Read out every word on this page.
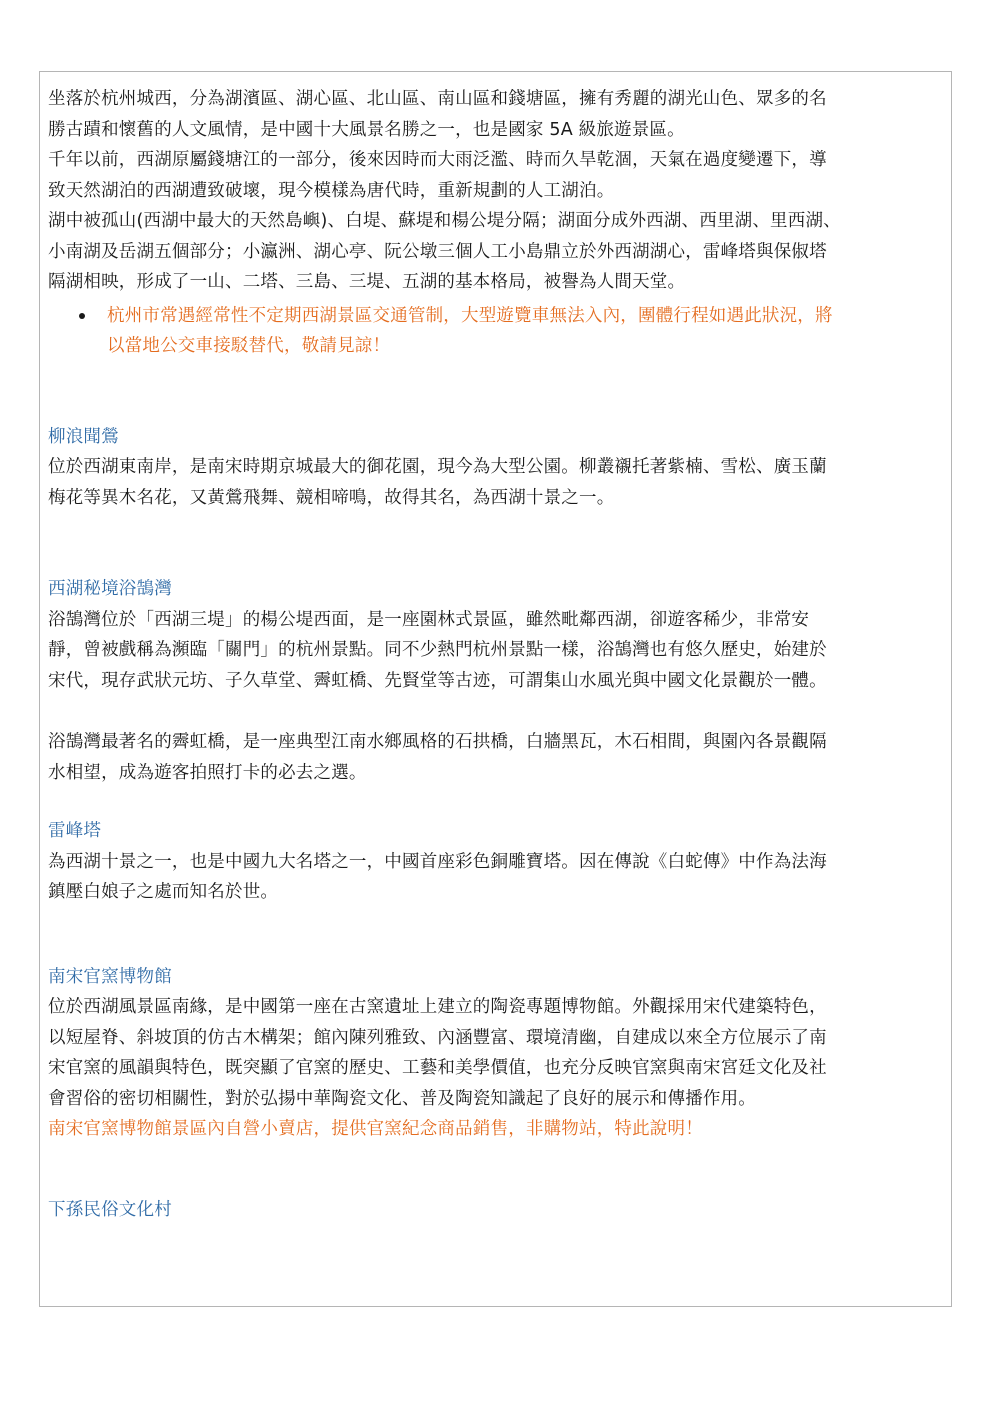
坐落於杭州城西，分為湖濱區、湖心區、北山區、南山區和錢塘區，擁有秀麗的湖光山色、眾多的名

勝古蹟和懷舊的人文風情，是中國十大風景名勝之一，也是國家 5A 級旅遊景區。

千年以前，西湖原屬錢塘江的一部分，後來因時而大雨泛濫、時而久旱乾涸，天氣在過度變遷下，導

致天然湖泊的西湖遭致破壞，現今模樣為唐代時，重新規劃的人工湖泊。

湖中被孤山(西湖中最大的天然島嶼)、白堤、蘇堤和楊公堤分隔；湖面分成外西湖、西里湖、里西湖、

小南湖及岳湖五個部分；小瀛洲、湖心亭、阮公墩三個人工小島鼎立於外西湖湖心，雷峰塔與保俶塔

隔湖相映，形成了一山、二塔、三島、三堤、五湖的基本格局，被譽為人間天堂。

杭州市常遇經常性不定期西湖景區交通管制，大型遊覽車無法入內，團體行程如遇此狀況，將

以當地公交車接駁替代，敬請見諒！

柳浪聞鶯

位於西湖東南岸，是南宋時期京城最大的御花園，現今為大型公園。柳叢襯托著紫楠、雪松、廣玉蘭

梅花等異木名花，又黃鶯飛舞、競相啼鳴，故得其名，為西湖十景之一。

西湖秘境浴鵠灣

浴鵠灣位於「西湖三堤」的楊公堤西面，是一座園林式景區，雖然毗鄰西湖，卻遊客稀少，非常安

靜，曾被戲稱為瀕臨「關門」的杭州景點。同不少熱門杭州景點一樣，浴鵠灣也有悠久歷史，始建於

宋代，現存武狀元坊、子久草堂、霽虹橋、先賢堂等古迹，可謂集山水風光與中國文化景觀於一體。

浴鵠灣最著名的霽虹橋，是一座典型江南水鄉風格的石拱橋，白牆黑瓦，木石相間，與園內各景觀隔

水相望，成為遊客拍照打卡的必去之選。

雷峰塔

為西湖十景之一，也是中國九大名塔之一，中國首座彩色銅雕寶塔。因在傳說《白蛇傳》中作為法海

鎮壓白娘子之處而知名於世。

南宋官窯博物館

位於西湖風景區南緣，是中國第一座在古窯遺址上建立的陶瓷專題博物館。外觀採用宋代建築特色，

以短屋脊、斜坡頂的仿古木構架；館內陳列雅致、內涵豐富、環境清幽，自建成以來全方位展示了南

宋官窯的風韻與特色，既突顯了官窯的歷史、工藝和美學價值，也充分反映官窯與南宋宮廷文化及社

會習俗的密切相關性，對於弘揚中華陶瓷文化、普及陶瓷知識起了良好的展示和傳播作用。

南宋官窯博物館景區內自營小賣店，提供官窯紀念商品銷售，非購物站，特此說明！

下孫民俗文化村
